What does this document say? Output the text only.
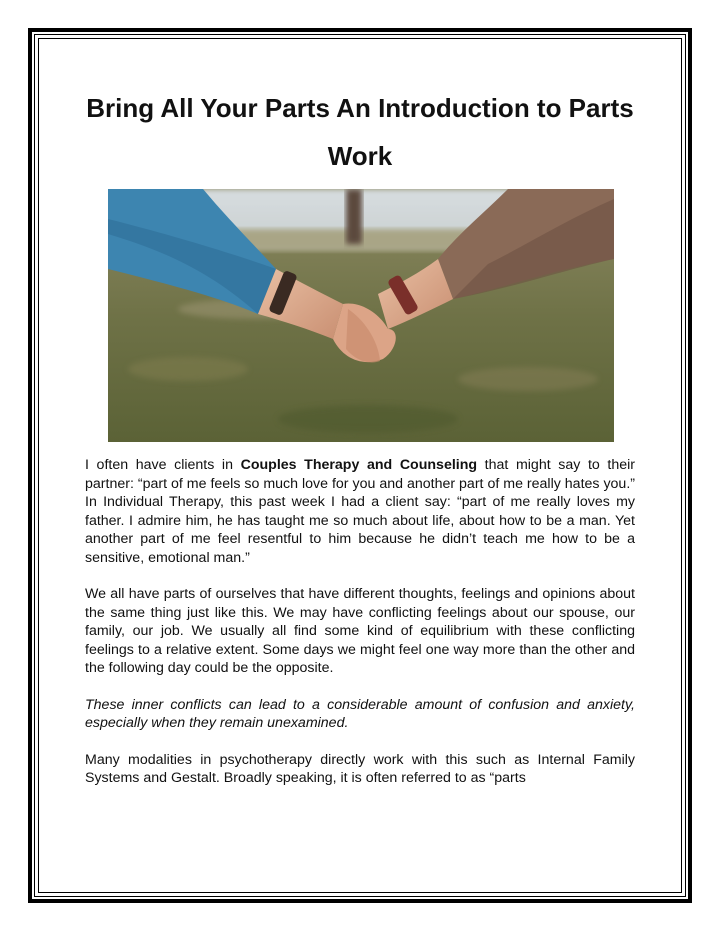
Bring All Your Parts An Introduction to Parts Work

I often have clients in Couples Therapy and Counseling that might say to their partner: “part of me feels so much love for you and another part of me really hates you.” In Individual Therapy, this past week I had a client say: “part of me really loves my father. I admire him, he has taught me so much about life, about how to be a man. Yet another part of me feel resentful to him because he didn’t teach me how to be a sensitive, emotional man.”

We all have parts of ourselves that have different thoughts, feelings and opinions about the same thing just like this. We may have conflicting feelings about our spouse, our family, our job. We usually all find some kind of equilibrium with these conflicting feelings to a relative extent. Some days we might feel one way more than the other and the following day could be the opposite.

These inner conflicts can lead to a considerable amount of confusion and anxiety, especially when they remain unexamined.

Many modalities in psychotherapy directly work with this such as Internal Family Systems and Gestalt. Broadly speaking, it is often referred to as “parts
